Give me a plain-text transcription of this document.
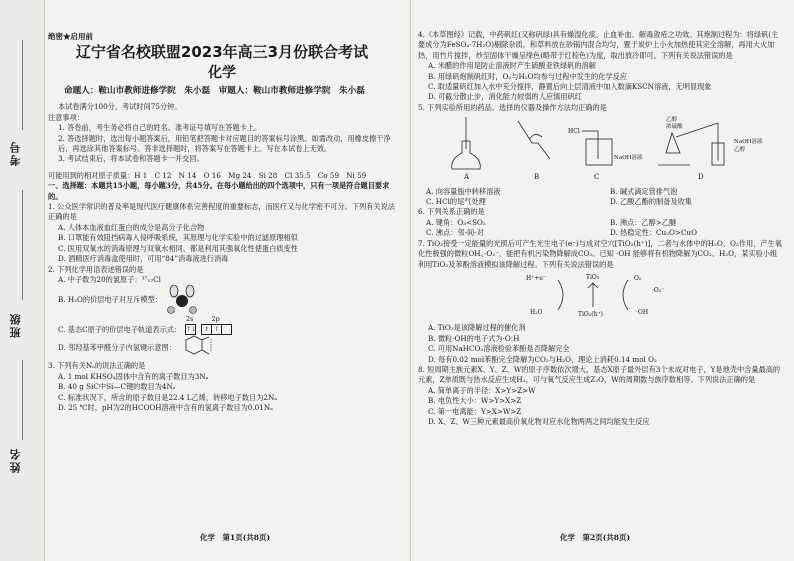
考号
班级
姓名

绝密★启用前

辽宁省名校联盟2023年高三3月份联合考试

化学

命题人：鞍山市教师进修学院　朱小磊　审题人：鞍山市教师进修学院　朱小磊

本试卷满分100分，考试时间75分钟。

注意事项：

1. 答卷前，考生务必将自己的姓名、准考证号填写在答题卡上。

2. 答选择题时，选出每小题答案后，用铅笔把答题卡对应题目的答案标号涂黑。如需改动，用橡皮擦干净后，再选涂其他答案标号。答非选择题时，将答案写在答题卡上。写在本试卷上无效。

3. 考试结束后，将本试卷和答题卡一并交回。

可能用到的相对原子质量：H 1　C 12　N 14　O 16　Mg 24　Si 28　Cl 35.5　Co 59　Ni 59

一、选择题：本题共15小题，每小题3分，共45分。在每小题给出的四个选项中，只有一项是符合题目要求的。

1. 公众医学常识的普及率是现代医疗健康体系完善程度的重要标志，而医疗又与化学密不可分。下列有关说法正确的是

A. 人体本血液血红蛋白的成分是高分子化合物

B. 口罩能有效阻挡病毒入侵呼吸系统，其原理与化学实验中的过滤原理相似

C. 医用双氧水的消毒原理与双氧水相同，都是利用其强氧化性使蛋白质变性

D. 酒精医疗消毒盒使用时，可用“84”消毒液进行消毒

2. 下列化学用语表述错误的是

A. 中子数为20的氯原子：³⁷₁₇Cl

B. H₂O的价层电子对互斥模型：
C. 基态C原子的价层电子轨道表示式：
2s
↑↓
2p
↑ ↑
D. 邻羟基苯甲醛分子内氢键示意图：

3. 下列有关Nₐ的说法正确的是

A. 1 mol KHSO₄固体中含有的离子数目为3Nₐ

B. 40 g SiC中Si—C键的数目为4Nₐ

C. 标准状况下，所含的原子数目是22.4 L乙烯，转移电子数目为2Nₐ

D. 25 ℃时，pH为2的HCOOH溶液中含有的氢离子数目为0.01Nₐ

化学　第1页(共8页)

4.《本草图经》记载，中药矾红(又称矾绿)具有燥湿化痰、止血补血、解毒敛疮之功效。其炮制过程为：将绿矾(主要成分为FeSO₄·7H₂O)剔除杂质，和草料放在砂锅内混合均匀，置于炭炉上小火加热使其完全溶解，再用大火加热，用竹片搅拌，炒至固体干燥呈绛色(略带于红棕色)为度，取出放冷即可。下列有关说法错误的是

A. 米醋的作用是防止溶液时产生硫酸亚铁绿矾的溶解

B. 用绿矾炮制矾红时，O₂与H₂O均参与过程中发生的化学反应

C. 取适量矾红加入水中充分搅拌，静置后向上层清液中加入数滴KSCN溶液，无明显现象

D. 可截分散止步，消化能力较弱的人应慎用矾红

5. 下列实验所用的药品、选择的仪器及操作方法均正确的是

A	B
HCl
NaOH溶液
C
乙醇
浓硫酸
NaOH溶液
乙醇
D
A. 向容量瓶中转移溶液	B. 碱式滴定管排气泡
C. HCl的尾气处理	D. 乙酸乙酯的制备及收集

6. 下列关系正确的是

A. 键角：O₃<SO₂	B. 沸点：乙醇>乙醚
C. 沸点：邻-间-对	D. 热稳定性：Cu₂O>CuO

7. TiO₂接受一定能量的光照后可产生光生电子(e⁻)与成对空穴[TiO₂(h⁺)]，二者与水体中的H₂O、O₂作用，产生氧化性极强的微粒OH、·O₂⁻，能把有机污染物降解成CO₂。已知 ·OH 能够将有机物降解为CO₂、H₂O，某实验小组利用TiO₂及苯酚溶液模拟该降解过程。下列有关说法错误的是

H⁺+e⁻	TiO₂	O₂
·O₂⁻
H₂O	TiO₂(h⁺)	·OH

A. TiO₂是该降解过程的催化剂

B. 微粒·OH的电子式为·O:H

C. 可用NaHCO₃溶液检验苯酚是否降解完全

D. 每有0.02 mol苯酚完全降解为CO₂与H₂O，理论上消耗0.14 mol O₂

8. 短周期主族元素X、Y、Z、W的原子序数依次增大，基态X原子最外层有3个未成对电子，Y是地壳中含量最高的元素，Z单质既与热水反应生成H₂，可与氧气反应生成Z₂O，W的周期数与族序数相等。下列说法正确的是

A. 简单离子的半径：X>Y>Z>W

B. 电负性大小：W>Y>X>Z

C. 第一电离能：Y>X>W>Z

D. X、Z、W三种元素最高价氧化物对应水化物两两之间均能发生反应

化学　第2页(共8页)
